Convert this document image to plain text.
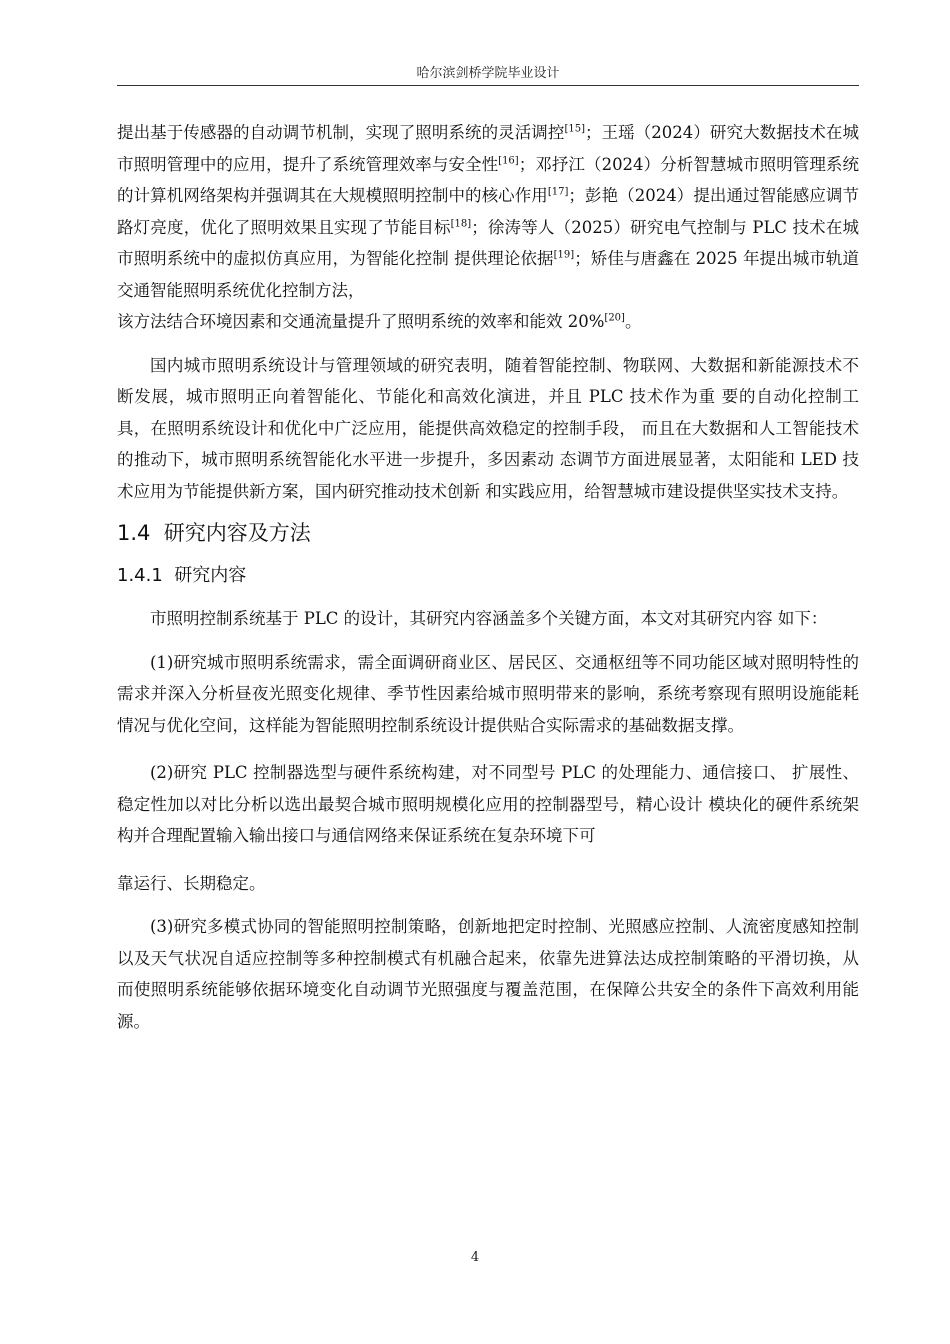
哈尔滨剑桥学院毕业设计

提出基于传感器的自动调节机制，实现了照明系统的灵活调控[15]；王瑶（2024）研究大数据技术在城市照明管理中的应用，提升了系统管理效率与安全性[16]；邓抒江（2024）分析智慧城市照明管理系统的计算机网络架构并强调其在大规模照明控制中的核心作用[17]；彭艳（2024）提出通过智能感应调节路灯亮度，优化了照明效果且实现了节能目标[18]；徐涛等人（2025）研究电气控制与 PLC 技术在城市照明系统中的虚拟仿真应用，为智能化控制 提供理论依据[19]；矫佳与唐鑫在 2025 年提出城市轨道交通智能照明系统优化控制方法，

该方法结合环境因素和交通流量提升了照明系统的效率和能效 20%[20]。

国内城市照明系统设计与管理领域的研究表明，随着智能控制、物联网、大数据和新能源技术不断发展，城市照明正向着智能化、节能化和高效化演进，并且 PLC 技术作为重 要的自动化控制工具，在照明系统设计和优化中广泛应用，能提供高效稳定的控制手段， 而且在大数据和人工智能技术的推动下，城市照明系统智能化水平进一步提升，多因素动 态调节方面进展显著，太阳能和 LED 技术应用为节能提供新方案，国内研究推动技术创新 和实践应用，给智慧城市建设提供坚实技术支持。

1.4 研究内容及方法
1.4.1 研究内容

市照明控制系统基于 PLC 的设计，其研究内容涵盖多个关键方面，本文对其研究内容 如下：

(1)研究城市照明系统需求，需全面调研商业区、居民区、交通枢纽等不同功能区域对照明特性的需求并深入分析昼夜光照变化规律、季节性因素给城市照明带来的影响，系统考察现有照明设施能耗情况与优化空间，这样能为智能照明控制系统设计提供贴合实际需求的基础数据支撑。

(2)研究 PLC 控制器选型与硬件系统构建，对不同型号 PLC 的处理能力、通信接口、 扩展性、稳定性加以对比分析以选出最契合城市照明规模化应用的控制器型号，精心设计 模块化的硬件系统架构并合理配置输入输出接口与通信网络来保证系统在复杂环境下可

靠运行、长期稳定。

(3)研究多模式协同的智能照明控制策略，创新地把定时控制、光照感应控制、人流密度感知控制以及天气状况自适应控制等多种控制模式有机融合起来，依靠先进算法达成控制策略的平滑切换，从而使照明系统能够依据环境变化自动调节光照强度与覆盖范围，在保障公共安全的条件下高效利用能源。

4
